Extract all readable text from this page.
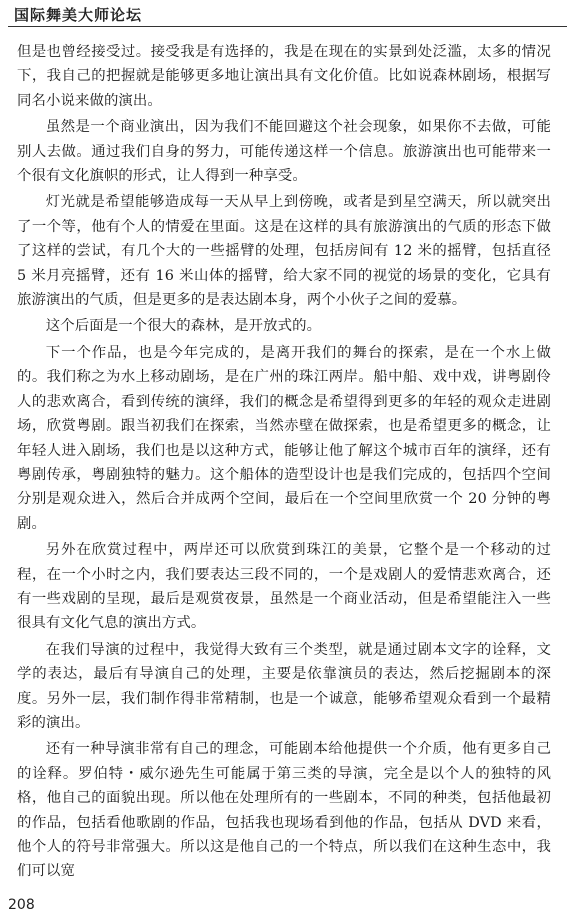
国际舞美大师论坛

但是也曾经接受过。接受我是有选择的，我是在现在的实景到处泛滥，太多的情况下，我自己的把握就是能够更多地让演出具有文化价值。比如说森林剧场，根据写同名小说来做的演出。

虽然是一个商业演出，因为我们不能回避这个社会现象，如果你不去做，可能别人去做。通过我们自身的努力，可能传递这样一个信息。旅游演出也可能带来一个很有文化旗帜的形式，让人得到一种享受。

灯光就是希望能够造成每一天从早上到傍晚，或者是到星空满天，所以就突出了一个等，他有个人的情爱在里面。这是在这样的具有旅游演出的气质的形态下做了这样的尝试，有几个大的一些摇臂的处理，包括房间有 12 米的摇臂，包括直径 5 米月亮摇臂，还有 16 米山体的摇臂，给大家不同的视觉的场景的变化，它具有旅游演出的气质，但是更多的是表达剧本身，两个小伙子之间的爱慕。

这个后面是一个很大的森林，是开放式的。

下一个作品，也是今年完成的，是离开我们的舞台的探索，是在一个水上做的。我们称之为水上移动剧场，是在广州的珠江两岸。船中船、戏中戏，讲粤剧伶人的悲欢离合，看到传统的演绎，我们的概念是希望得到更多的年轻的观众走进剧场，欣赏粤剧。跟当初我们在探索，当然赤壁在做探索，也是希望更多的概念，让年轻人进入剧场，我们也是以这种方式，能够让他了解这个城市百年的演绎，还有粤剧传承，粤剧独特的魅力。这个船体的造型设计也是我们完成的，包括四个空间分别是观众进入，然后合并成两个空间，最后在一个空间里欣赏一个 20 分钟的粤剧。

另外在欣赏过程中，两岸还可以欣赏到珠江的美景，它整个是一个移动的过程，在一个小时之内，我们要表达三段不同的，一个是戏剧人的爱情悲欢离合，还有一些戏剧的呈现，最后是观赏夜景，虽然是一个商业活动，但是希望能注入一些很具有文化气息的演出方式。

在我们导演的过程中，我觉得大致有三个类型，就是通过剧本文字的诠释，文学的表达，最后有导演自己的处理，主要是依靠演员的表达，然后挖掘剧本的深度。另外一层，我们制作得非常精制，也是一个诚意，能够希望观众看到一个最精彩的演出。

还有一种导演非常有自己的理念，可能剧本给他提供一个介质，他有更多自己的诠释。罗伯特・威尔逊先生可能属于第三类的导演，完全是以个人的独特的风格，他自己的面貌出现。所以他在处理所有的一些剧本，不同的种类，包括他最初的作品，包括看他歌剧的作品，包括我也现场看到他的作品，包括从 DVD 来看，他个人的符号非常强大。所以这是他自己的一个特点，所以我们在这种生态中，我们可以宽

208
